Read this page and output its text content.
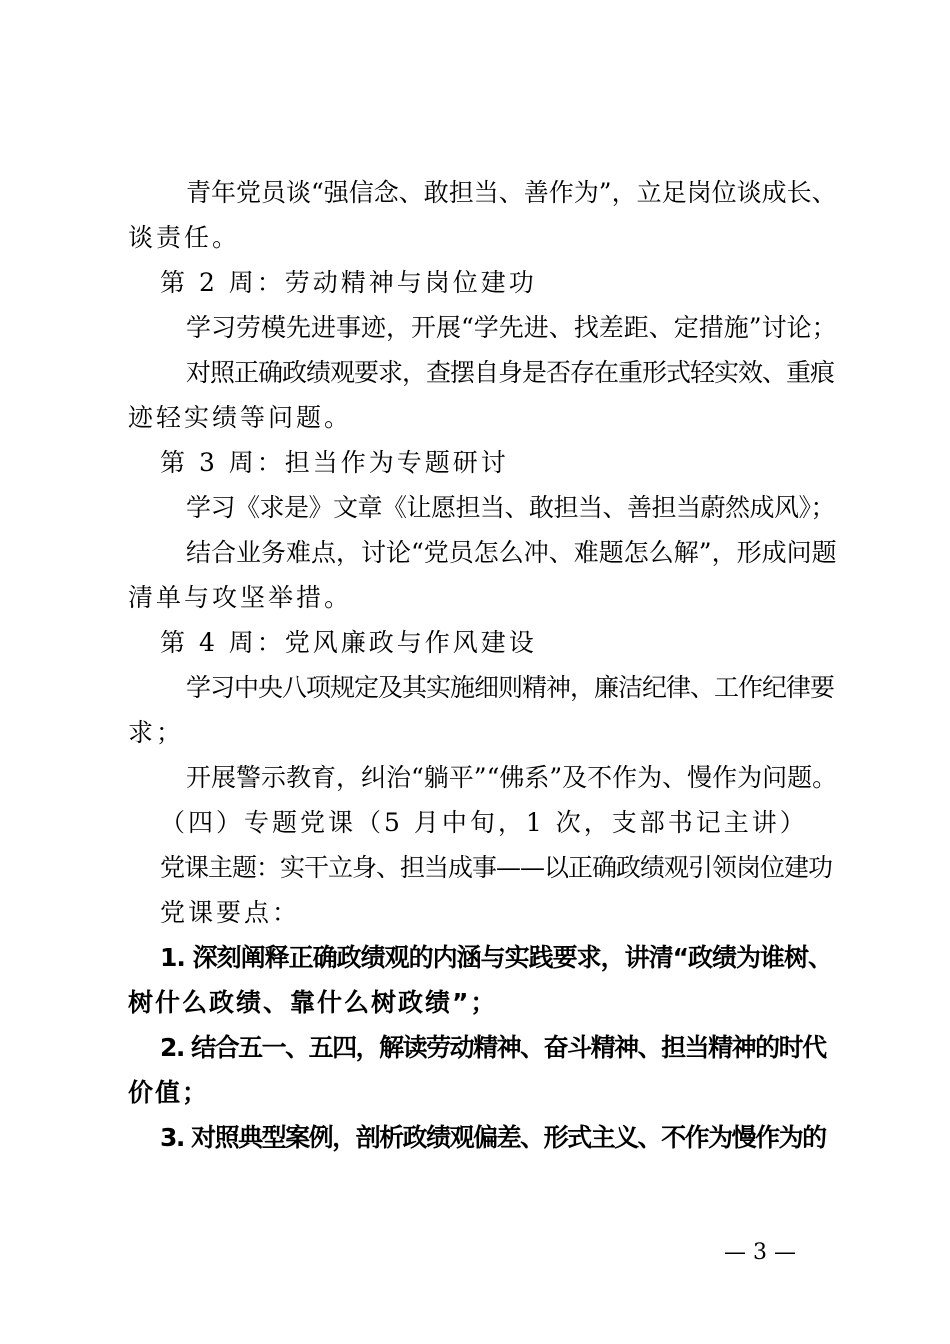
青年党员谈“强信念、敢担当、善作为”，立足岗位谈成长、
谈责任。
第 2 周：劳动精神与岗位建功
学习劳模先进事迹，开展“学先进、找差距、定措施”讨论；
对照正确政绩观要求，查摆自身是否存在重形式轻实效、重痕
迹轻实绩等问题。
第 3 周：担当作为专题研讨
学习《求是》文章《让愿担当、敢担当、善担当蔚然成风》；
结合业务难点，讨论“党员怎么冲、难题怎么解”，形成问题
清单与攻坚举措。
第 4 周：党风廉政与作风建设
学习中央八项规定及其实施细则精神，廉洁纪律、工作纪律要
求；
开展警示教育，纠治“躺平”“佛系”及不作为、慢作为问题。
（四）专题党课（5 月中旬，1 次，支部书记主讲）
党课主题：实干立身、担当成事——以正确政绩观引领岗位建功
党课要点：
1. 深刻阐释正确政绩观的内涵与实践要求，讲清“政绩为谁树、
树什么政绩、靠什么树政绩”；
2. 结合五一、五四，解读劳动精神、奋斗精神、担当精神的时代
价值；
3. 对照典型案例，剖析政绩观偏差、形式主义、不作为慢作为的
— 3 —
